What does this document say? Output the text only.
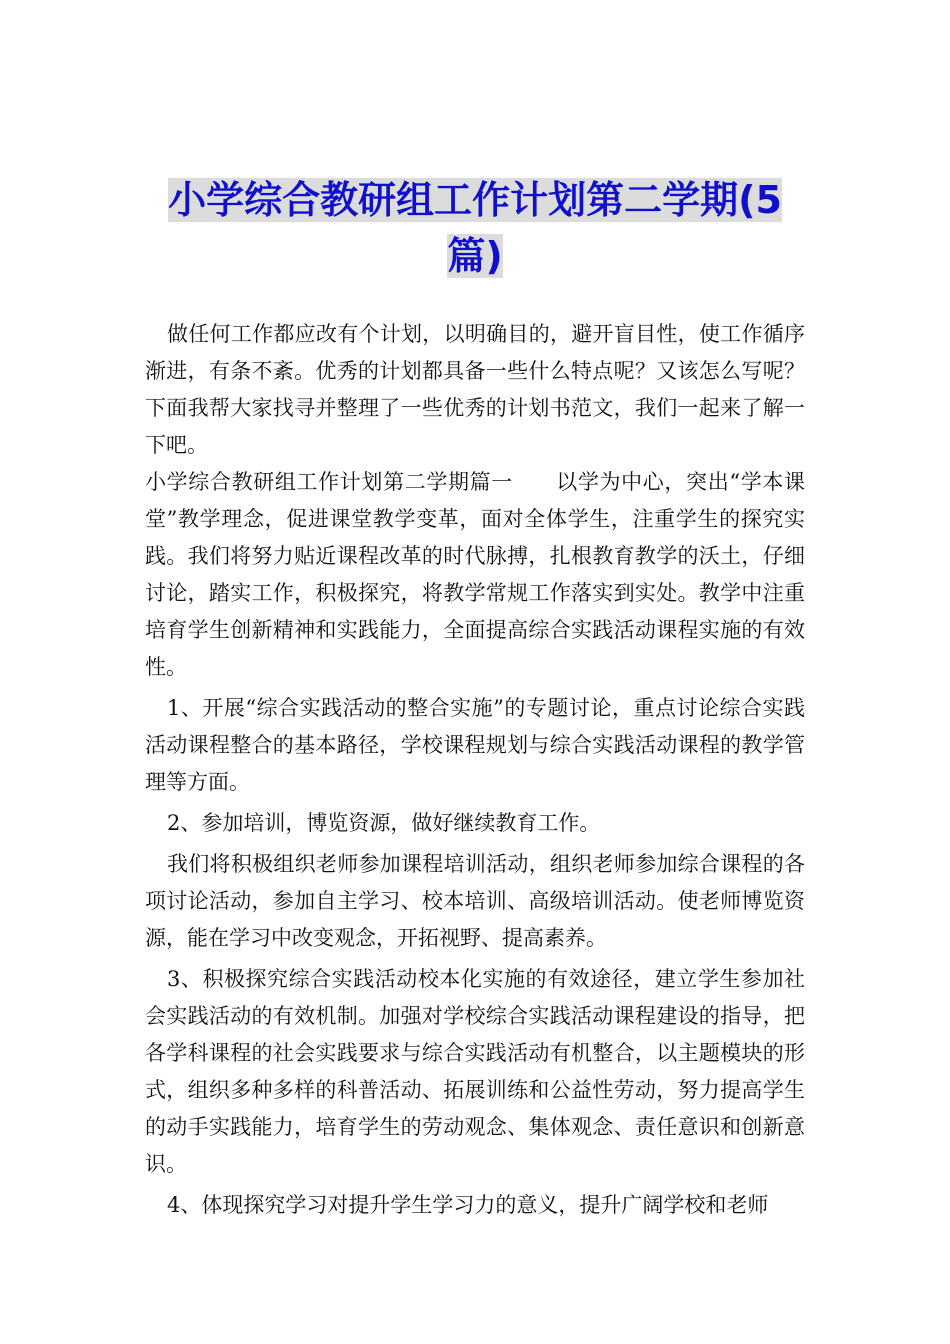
小学综合教研组工作计划第二学期(5
篇)

做任何工作都应改有个计划，以明确目的，避开盲目性，使工作循序渐进，有条不紊。优秀的计划都具备一些什么特点呢？又该怎么写呢？下面我帮大家找寻并整理了一些优秀的计划书范文，我们一起来了解一下吧。

小学综合教研组工作计划第二学期篇一　　以学为中心，突出“学本课堂”教学理念，促进课堂教学变革，面对全体学生，注重学生的探究实践。我们将努力贴近课程改革的时代脉搏，扎根教育教学的沃土，仔细讨论，踏实工作，积极探究，将教学常规工作落实到实处。教学中注重培育学生创新精神和实践能力，全面提高综合实践活动课程实施的有效性。

1、开展“综合实践活动的整合实施”的专题讨论，重点讨论综合实践活动课程整合的基本路径，学校课程规划与综合实践活动课程的教学管理等方面。

2、参加培训，博览资源，做好继续教育工作。

我们将积极组织老师参加课程培训活动，组织老师参加综合课程的各项讨论活动，参加自主学习、校本培训、高级培训活动。使老师博览资源，能在学习中改变观念，开拓视野、提高素养。

3、积极探究综合实践活动校本化实施的有效途径，建立学生参加社会实践活动的有效机制。加强对学校综合实践活动课程建设的指导，把各学科课程的社会实践要求与综合实践活动有机整合，以主题模块的形式，组织多种多样的科普活动、拓展训练和公益性劳动，努力提高学生的动手实践能力，培育学生的劳动观念、集体观念、责任意识和创新意识。

4、体现探究学习对提升学生学习力的意义，提升广阔学校和老师
